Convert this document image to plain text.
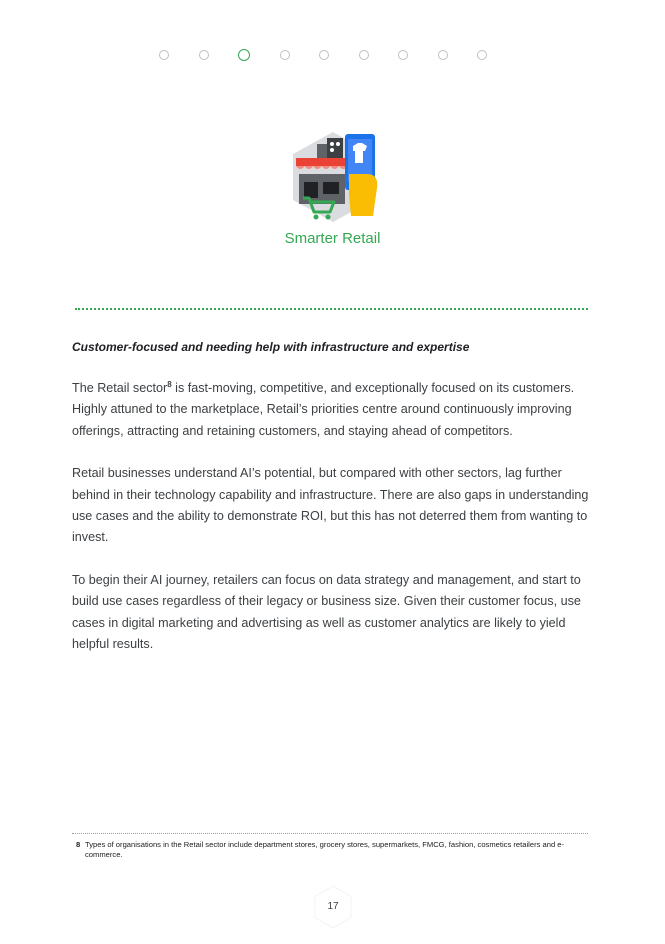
Smarter Retail

Customer-focused and needing help with infrastructure and expertise

The Retail sector$^8$ is fast-moving, competitive, and exceptionally focused on its customers. Highly attuned to the marketplace, Retail’s priorities centre around continuously improving offerings, attracting and retaining customers, and staying ahead of competitors.

Retail businesses understand AI’s potential, but compared with other sectors, lag further behind in their technology capability and infrastructure. There are also gaps in understanding use cases and the ability to demonstrate ROI, but this has not deterred them from wanting to invest.

To begin their AI journey, retailers can focus on data strategy and management, and start to build use cases regardless of their legacy or business size. Given their customer focus, use cases in digital marketing and advertising as well as customer analytics are likely to yield helpful results.

8 Types of organisations in the Retail sector include department stores, grocery stores, supermarkets, FMCG, fashion, cosmetics retailers and e-commerce.
17
